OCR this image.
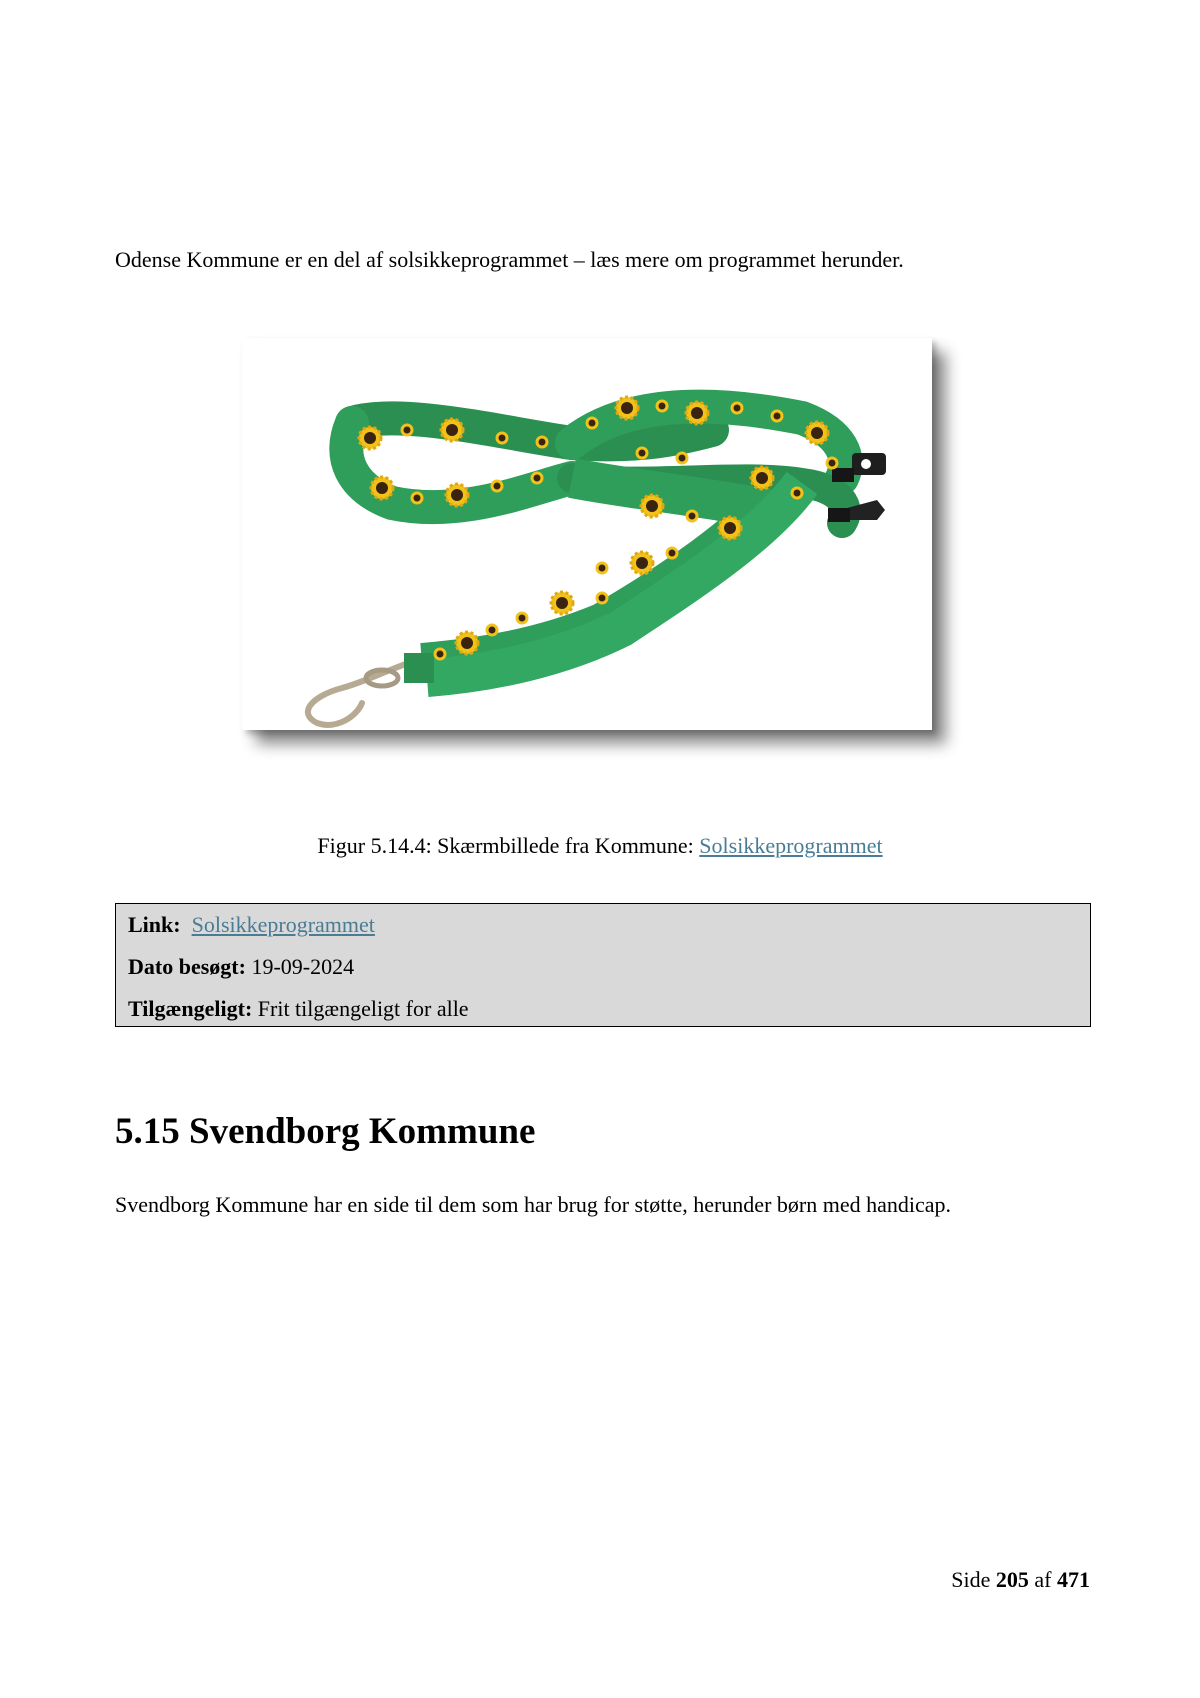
Odense Kommune er en del af solsikkeprogrammet – læs mere om programmet herunder.

Figur 5.14.4: Skærmbillede fra Kommune: Solsikkeprogrammet

Link: Solsikkeprogrammet
Dato besøgt: 19-09-2024
Tilgængeligt: Frit tilgængeligt for alle
5.15 Svendborg Kommune

Svendborg Kommune har en side til dem som har brug for støtte, herunder børn med handicap.

Side 205 af 471
